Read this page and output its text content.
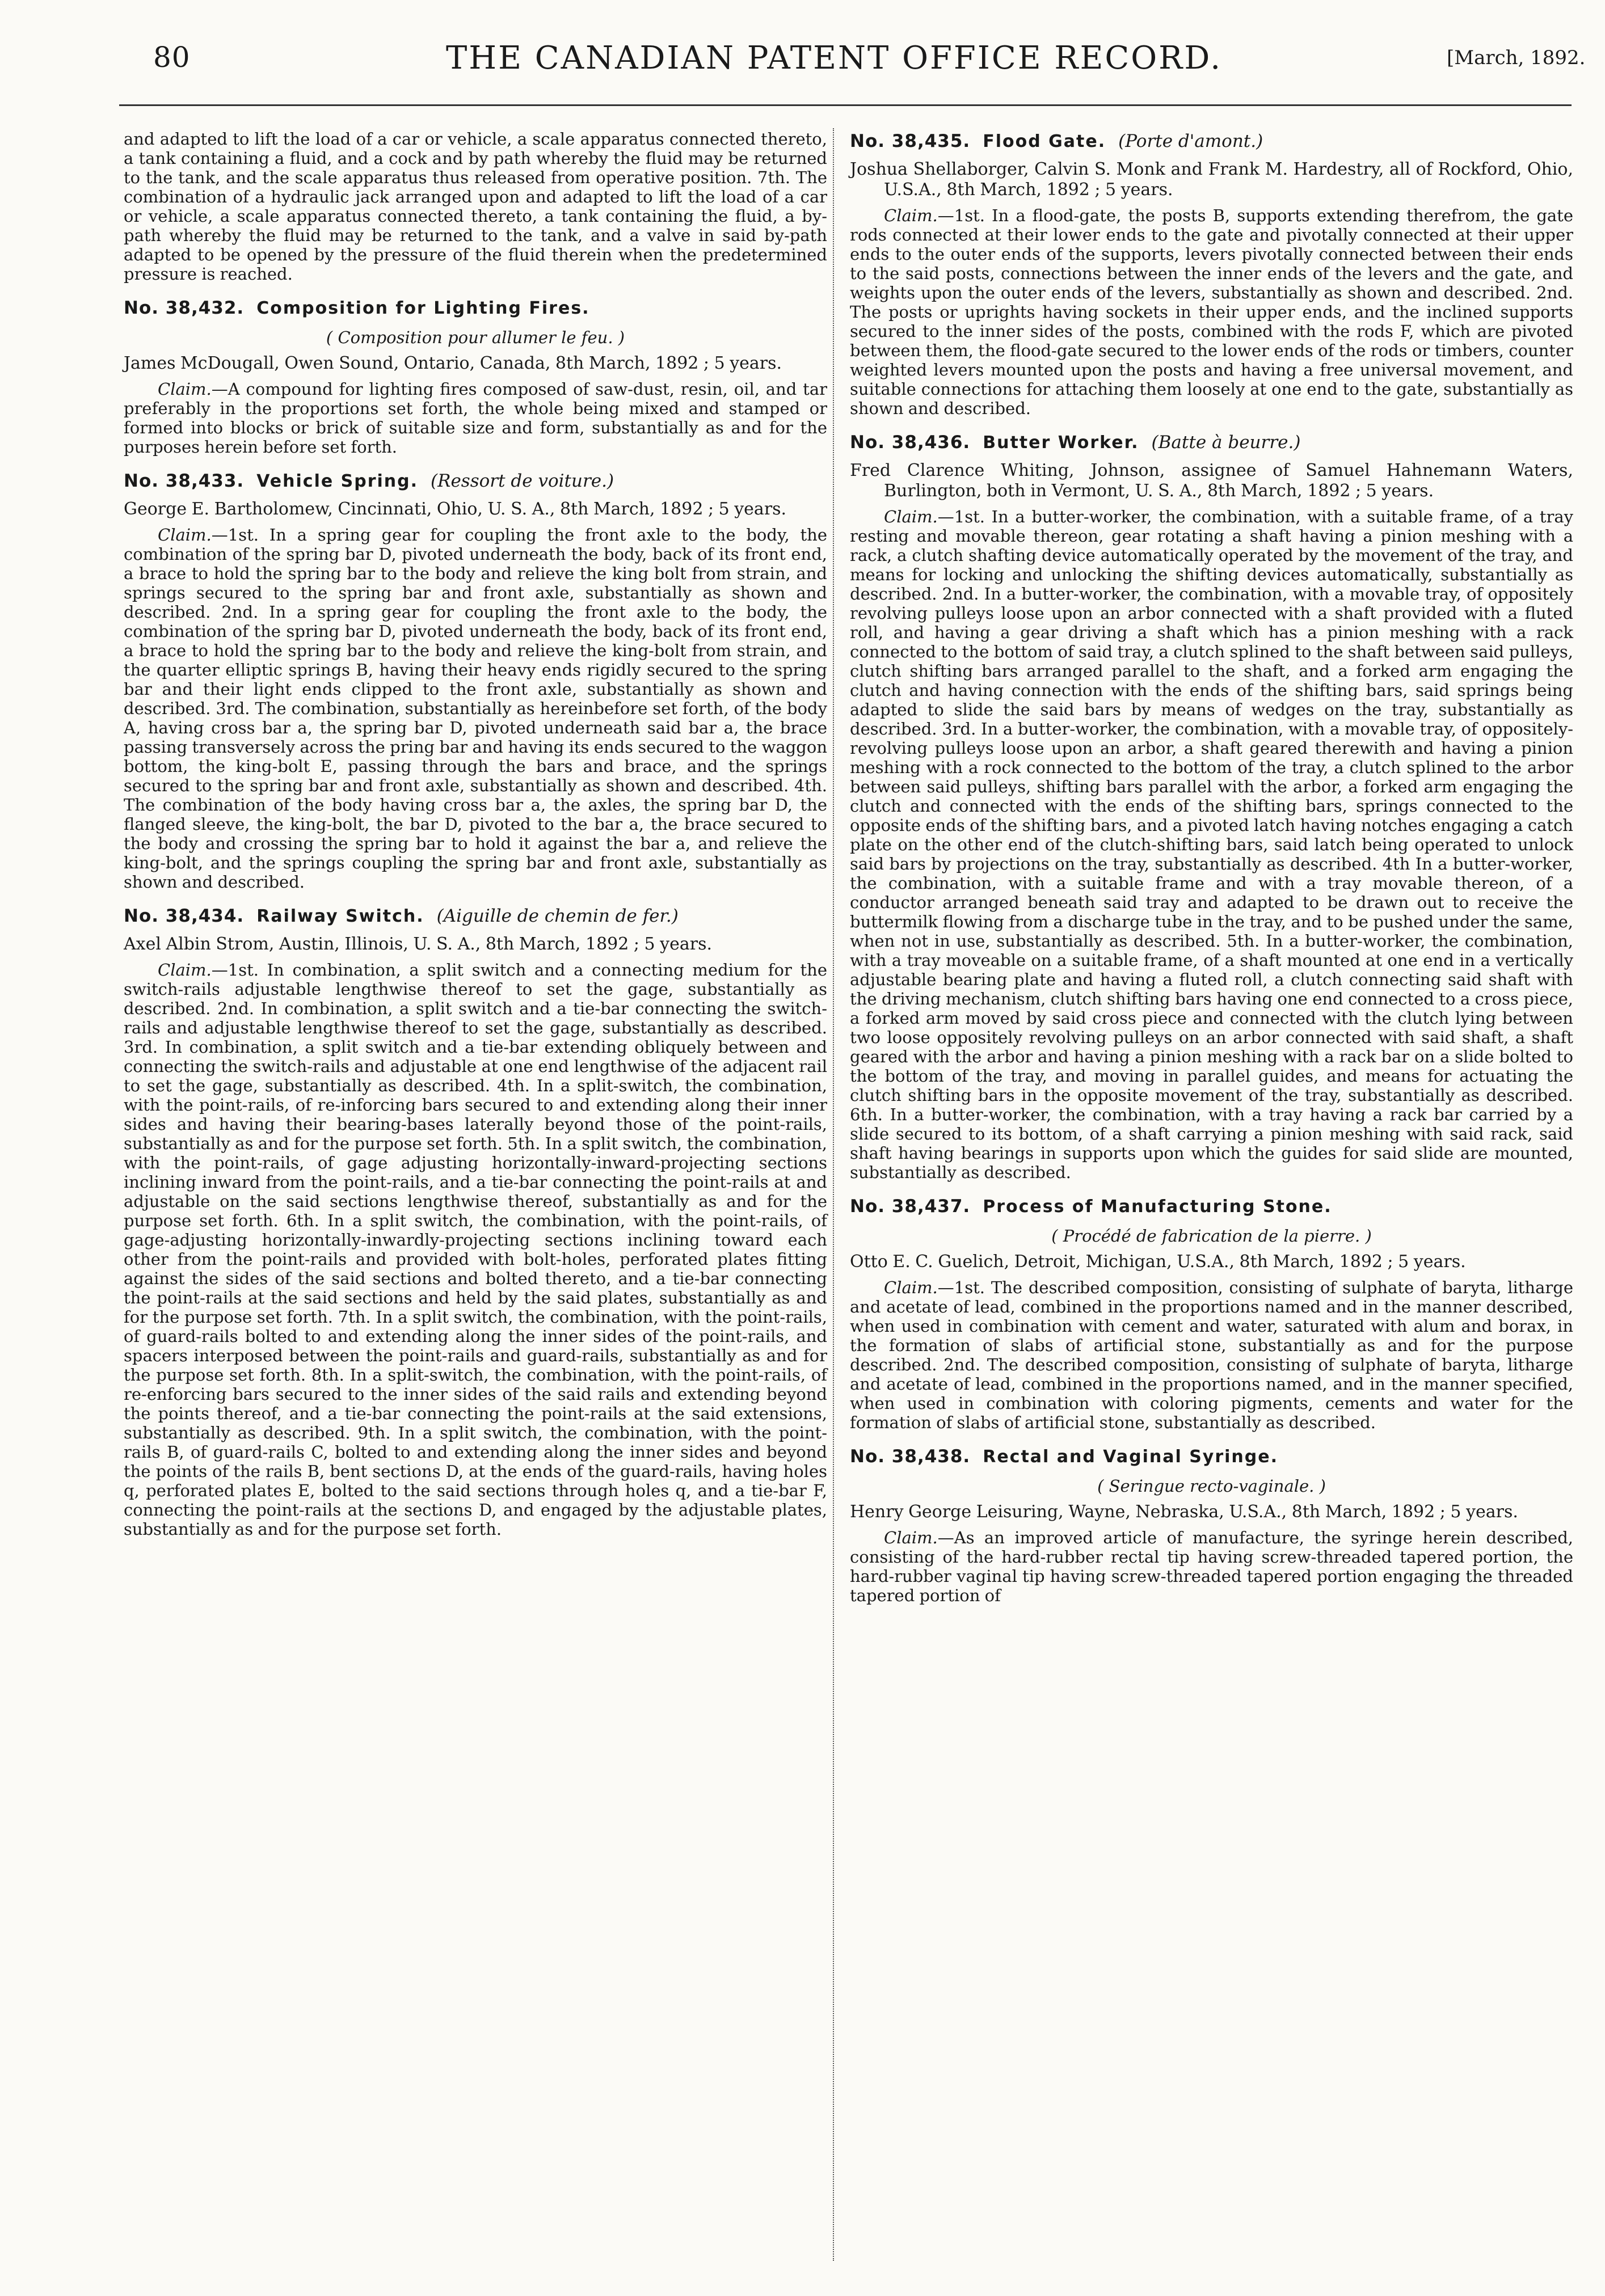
80	THE CANADIAN PATENT OFFICE RECORD.	[March, 1892.

and adapted to lift the load of a car or vehicle, a scale apparatus connected thereto, a tank containing a fluid, and a cock and by path whereby the fluid may be returned to the tank, and the scale apparatus thus released from operative position. 7th. The combination of a hydraulic jack arranged upon and adapted to lift the load of a car or vehicle, a scale apparatus connected thereto, a tank containing the fluid, a by-path whereby the fluid may be returned to the tank, and a valve in said by-path adapted to be opened by the pressure of the fluid therein when the predetermined pressure is reached.

No. 38,432. Composition for Lighting Fires.
( Composition pour allumer le feu. )

James McDougall, Owen Sound, Ontario, Canada, 8th March, 1892 ; 5 years.

Claim.—A compound for lighting fires composed of saw-dust, resin, oil, and tar preferably in the proportions set forth, the whole being mixed and stamped or formed into blocks or brick of suitable size and form, substantially as and for the purposes herein before set forth.

No. 38,433. Vehicle Spring. (Ressort de voiture.)

George E. Bartholomew, Cincinnati, Ohio, U. S. A., 8th March, 1892 ; 5 years.

Claim.—1st. In a spring gear for coupling the front axle to the body, the combination of the spring bar D, pivoted underneath the body, back of its front end, a brace to hold the spring bar to the body and relieve the king bolt from strain, and springs secured to the spring bar and front axle, substantially as shown and described. 2nd. In a spring gear for coupling the front axle to the body, the combination of the spring bar D, pivoted underneath the body, back of its front end, a brace to hold the spring bar to the body and relieve the king-bolt from strain, and the quarter elliptic springs B, having their heavy ends rigidly secured to the spring bar and their light ends clipped to the front axle, substantially as shown and described. 3rd. The combination, substantially as hereinbefore set forth, of the body A, having cross bar a, the spring bar D, pivoted underneath said bar a, the brace passing transversely across the pring bar and having its ends secured to the waggon bottom, the king-bolt E, passing through the bars and brace, and the springs secured to the spring bar and front axle, substantially as shown and described. 4th. The combination of the body having cross bar a, the axles, the spring bar D, the flanged sleeve, the king-bolt, the bar D, pivoted to the bar a, the brace secured to the body and crossing the spring bar to hold it against the bar a, and relieve the king-bolt, and the springs coupling the spring bar and front axle, substantially as shown and described.

No. 38,434. Railway Switch. (Aiguille de chemin de fer.)

Axel Albin Strom, Austin, Illinois, U. S. A., 8th March, 1892 ; 5 years.

Claim.—1st. In combination, a split switch and a connecting medium for the switch-rails adjustable lengthwise thereof to set the gage, substantially as described. 2nd. In combination, a split switch and a tie-bar connecting the switch-rails and adjustable lengthwise thereof to set the gage, substantially as described. 3rd. In combination, a split switch and a tie-bar extending obliquely between and connecting the switch-rails and adjustable at one end lengthwise of the adjacent rail to set the gage, substantially as described. 4th. In a split-switch, the combination, with the point-rails, of re-inforcing bars secured to and extending along their inner sides and having their bearing-bases laterally beyond those of the point-rails, substantially as and for the purpose set forth. 5th. In a split switch, the combination, with the point-rails, of gage adjusting horizontally-inward-projecting sections inclining inward from the point-rails, and a tie-bar connecting the point-rails at and adjustable on the said sections lengthwise thereof, substantially as and for the purpose set forth. 6th. In a split switch, the combination, with the point-rails, of gage-adjusting horizontally-inwardly-projecting sections inclining toward each other from the point-rails and provided with bolt-holes, perforated plates fitting against the sides of the said sections and bolted thereto, and a tie-bar connecting the point-rails at the said sections and held by the said plates, substantially as and for the purpose set forth. 7th. In a split switch, the combination, with the point-rails, of guard-rails bolted to and extending along the inner sides of the point-rails, and spacers interposed between the point-rails and guard-rails, substantially as and for the purpose set forth. 8th. In a split-switch, the combination, with the point-rails, of re-enforcing bars secured to the inner sides of the said rails and extending beyond the points thereof, and a tie-bar connecting the point-rails at the said extensions, substantially as described. 9th. In a split switch, the combination, with the point-rails B, of guard-rails C, bolted to and extending along the inner sides and beyond the points of the rails B, bent sections D, at the ends of the guard-rails, having holes q, perforated plates E, bolted to the said sections through holes q, and a tie-bar F, connecting the point-rails at the sections D, and engaged by the adjustable plates, substantially as and for the purpose set forth.

No. 38,435. Flood Gate. (Porte d'amont.)

Joshua Shellaborger, Calvin S. Monk and Frank M. Hardestry, all of Rockford, Ohio, U.S.A., 8th March, 1892 ; 5 years.

Claim.—1st. In a flood-gate, the posts B, supports extending therefrom, the gate rods connected at their lower ends to the gate and pivotally connected at their upper ends to the outer ends of the supports, levers pivotally connected between their ends to the said posts, connections between the inner ends of the levers and the gate, and weights upon the outer ends of the levers, substantially as shown and described. 2nd. The posts or uprights having sockets in their upper ends, and the inclined supports secured to the inner sides of the posts, combined with the rods F, which are pivoted between them, the flood-gate secured to the lower ends of the rods or timbers, counter weighted levers mounted upon the posts and having a free universal movement, and suitable connections for attaching them loosely at one end to the gate, substantially as shown and described.

No. 38,436. Butter Worker. (Batte à beurre.)

Fred Clarence Whiting, Johnson, assignee of Samuel Hahnemann Waters, Burlington, both in Vermont, U. S. A., 8th March, 1892 ; 5 years.

Claim.—1st. In a butter-worker, the combination, with a suitable frame, of a tray resting and movable thereon, gear rotating a shaft having a pinion meshing with a rack, a clutch shafting device automatically operated by the movement of the tray, and means for locking and unlocking the shifting devices automatically, substantially as described. 2nd. In a butter-worker, the combination, with a movable tray, of oppositely revolving pulleys loose upon an arbor connected with a shaft provided with a fluted roll, and having a gear driving a shaft which has a pinion meshing with a rack connected to the bottom of said tray, a clutch splined to the shaft between said pulleys, clutch shifting bars arranged parallel to the shaft, and a forked arm engaging the clutch and having connection with the ends of the shifting bars, said springs being adapted to slide the said bars by means of wedges on the tray, substantially as described. 3rd. In a butter-worker, the combination, with a movable tray, of oppositely-revolving pulleys loose upon an arbor, a shaft geared therewith and having a pinion meshing with a rock connected to the bottom of the tray, a clutch splined to the arbor between said pulleys, shifting bars parallel with the arbor, a forked arm engaging the clutch and connected with the ends of the shifting bars, springs connected to the opposite ends of the shifting bars, and a pivoted latch having notches engaging a catch plate on the other end of the clutch-shifting bars, said latch being operated to unlock said bars by projections on the tray, substantially as described. 4th In a butter-worker, the combination, with a suitable frame and with a tray movable thereon, of a conductor arranged beneath said tray and adapted to be drawn out to receive the buttermilk flowing from a discharge tube in the tray, and to be pushed under the same, when not in use, substantially as described. 5th. In a butter-worker, the combination, with a tray moveable on a suitable frame, of a shaft mounted at one end in a vertically adjustable bearing plate and having a fluted roll, a clutch connecting said shaft with the driving mechanism, clutch shifting bars having one end connected to a cross piece, a forked arm moved by said cross piece and connected with the clutch lying between two loose oppositely revolving pulleys on an arbor connected with said shaft, a shaft geared with the arbor and having a pinion meshing with a rack bar on a slide bolted to the bottom of the tray, and moving in parallel guides, and means for actuating the clutch shifting bars in the opposite movement of the tray, substantially as described. 6th. In a butter-worker, the combination, with a tray having a rack bar carried by a slide secured to its bottom, of a shaft carrying a pinion meshing with said rack, said shaft having bearings in supports upon which the guides for said slide are mounted, substantially as described.

No. 38,437. Process of Manufacturing Stone.
( Procédé de fabrication de la pierre. )

Otto E. C. Guelich, Detroit, Michigan, U.S.A., 8th March, 1892 ; 5 years.

Claim.—1st. The described composition, consisting of sulphate of baryta, litharge and acetate of lead, combined in the proportions named and in the manner described, when used in combination with cement and water, saturated with alum and borax, in the formation of slabs of artificial stone, substantially as and for the purpose described. 2nd. The described composition, consisting of sulphate of baryta, litharge and acetate of lead, combined in the proportions named, and in the manner specified, when used in combination with coloring pigments, cements and water for the formation of slabs of artificial stone, substantially as described.

No. 38,438. Rectal and Vaginal Syringe.
( Seringue recto-vaginale. )

Henry George Leisuring, Wayne, Nebraska, U.S.A., 8th March, 1892 ; 5 years.

Claim.—As an improved article of manufacture, the syringe herein described, consisting of the hard-rubber rectal tip having screw-threaded tapered portion, the hard-rubber vaginal tip having screw-threaded tapered portion engaging the threaded tapered portion of
